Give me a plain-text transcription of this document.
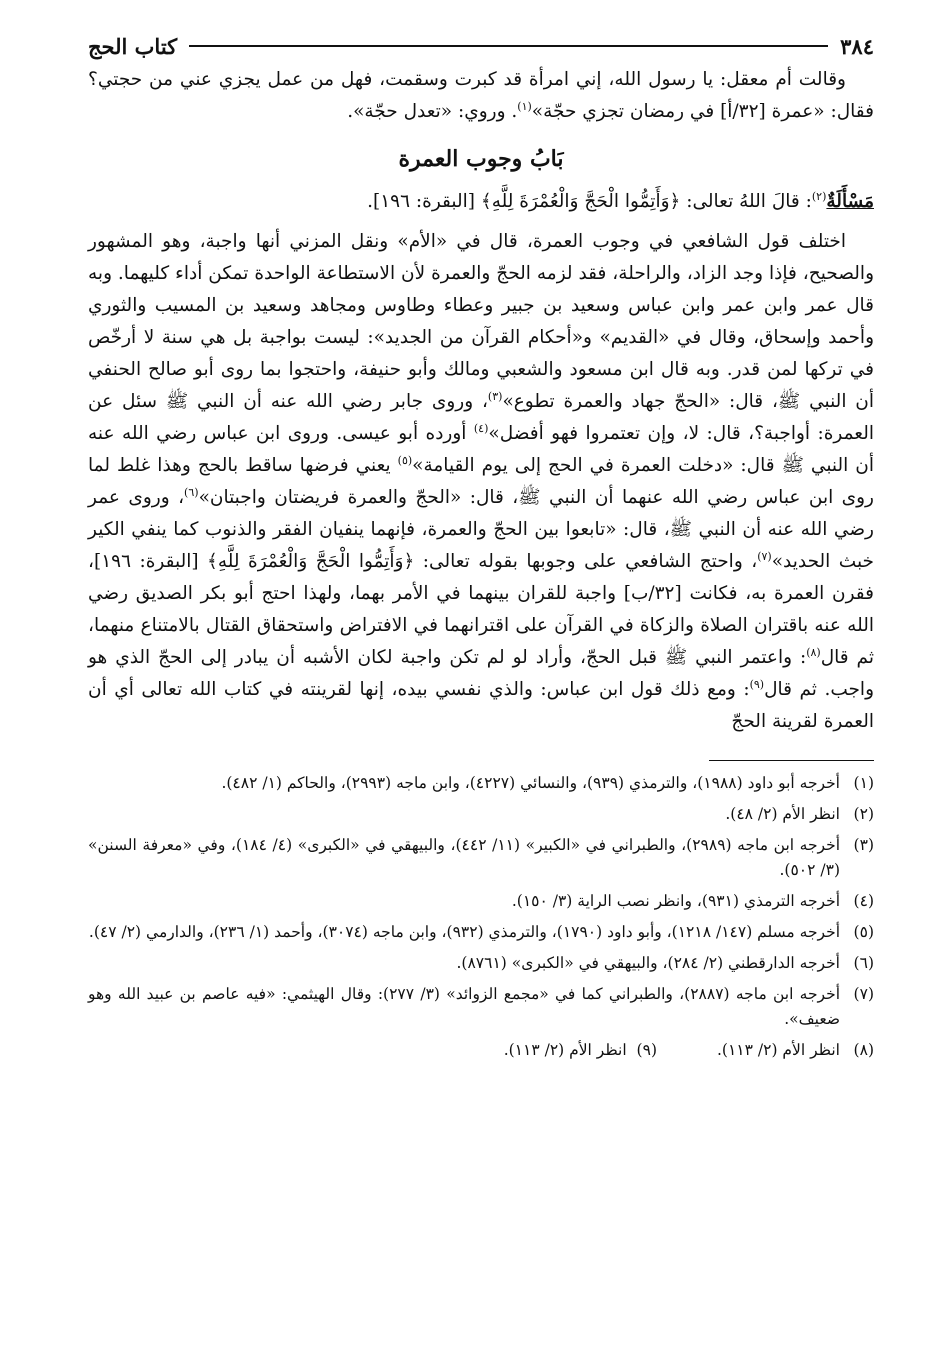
٣٨٤
كتاب الحج

وقالت أم معقل: يا رسول الله، إني امرأة قد كبرت وسقمت، فهل من عمل يجزي عني من حجتي؟ فقال: «عمرة [٣٢/أ] في رمضان تجزي حجّة»$^{(١)}$. وروي: «تعدل حجّة».

بَابُ وجوب العمرة

مَسْأَلَةٌ$^{(٢)}$: قالَ اللهُ تعالى: ﴿وَأَتِمُّوا الْحَجَّ وَالْعُمْرَةَ لِلَّهِ﴾ [البقرة: ١٩٦].

اختلف قول الشافعي في وجوب العمرة، قال في «الأم» ونقل المزني أنها واجبة، وهو المشهور والصحيح، فإذا وجد الزاد، والراحلة، فقد لزمه الحجّ والعمرة لأن الاستطاعة الواحدة تمكن أداء كليهما. وبه قال عمر وابن عمر وابن عباس وسعيد بن جبير وعطاء وطاوس ومجاهد وسعيد بن المسيب والثوري وأحمد وإسحاق، وقال في «القديم» و«أحكام القرآن من الجديد»: ليست بواجبة بل هي سنة لا أرخّص في تركها لمن قدر. وبه قال ابن مسعود والشعبي ومالك وأبو حنيفة، واحتجوا بما روى أبو صالح الحنفي أن النبي ﷺ، قال: «الحجّ جهاد والعمرة تطوع»$^{(٣)}$، وروى جابر رضي الله عنه أن النبي ﷺ سئل عن العمرة: أواجبة؟، قال: لا، وإن تعتمروا فهو أفضل»$^{(٤)}$ أورده أبو عيسى. وروى ابن عباس رضي الله عنه أن النبي ﷺ قال: «دخلت العمرة في الحج إلى يوم القيامة»$^{(٥)}$ يعني فرضها ساقط بالحج وهذا غلط لما روى ابن عباس رضي الله عنهما أن النبي ﷺ، قال: «الحجّ والعمرة فريضتان واجبتان»$^{(٦)}$، وروى عمر رضي الله عنه أن النبي ﷺ، قال: «تابعوا بين الحجّ والعمرة، فإنهما ينفيان الفقر والذنوب كما ينفي الكير خبث الحديد»$^{(٧)}$، واحتج الشافعي على وجوبها بقوله تعالى: ﴿وَأَتِمُّوا الْحَجَّ وَالْعُمْرَةَ لِلَّهِ﴾ [البقرة: ١٩٦]، فقرن العمرة به، فكانت [٣٢/ب] واجبة للقران بينهما في الأمر بهما، ولهذا احتج أبو بكر الصديق رضي الله عنه باقتران الصلاة والزكاة في القرآن على اقترانهما في الافتراض واستحقاق القتال بالامتناع منهما، ثم قال$^{(٨)}$: واعتمر النبي ﷺ قبل الحجّ، وأراد لو لم تكن واجبة لكان الأشبه أن يبادر إلى الحجّ الذي هو واجب. ثم قال$^{(٩)}$: ومع ذلك قول ابن عباس: والذي نفسي بيده، إنها لقرينته في كتاب الله تعالى أي أن العمرة لقرينة الحجّ

(١)
أخرجه أبو داود (١٩٨٨)، والترمذي (٩٣٩)، والنسائي (٤٢٢٧)، وابن ماجه (٢٩٩٣)، والحاكم (١/ ٤٨٢).
(٢)
انظر الأم (٢/ ٤٨).
(٣)
أخرجه ابن ماجه (٢٩٨٩)، والطبراني في «الكبير» (١١/ ٤٤٢)، والبيهقي في «الكبرى» (٤/ ١٨٤)، وفي «معرفة السنن» (٣/ ٥٠٢).
(٤)
أخرجه الترمذي (٩٣١)، وانظر نصب الراية (٣/ ١٥٠).
(٥)
أخرجه مسلم (١٤٧/ ١٢١٨)، وأبو داود (١٧٩٠)، والترمذي (٩٣٢)، وابن ماجه (٣٠٧٤)، وأحمد (١/ ٢٣٦)، والدارمي (٢/ ٤٧).
(٦)
أخرجه الدارقطني (٢/ ٢٨٤)، والبيهقي في «الكبرى» (٨٧٦١).
(٧)
أخرجه ابن ماجه (٢٨٨٧)، والطبراني كما في «مجمع الزوائد» (٣/ ٢٧٧): وقال الهيثمي: «فيه عاصم بن عبيد الله وهو ضعيف».
(٨)
انظر الأم (٢/ ١١٣).(٩)  انظر الأم (٢/ ١١٣).
